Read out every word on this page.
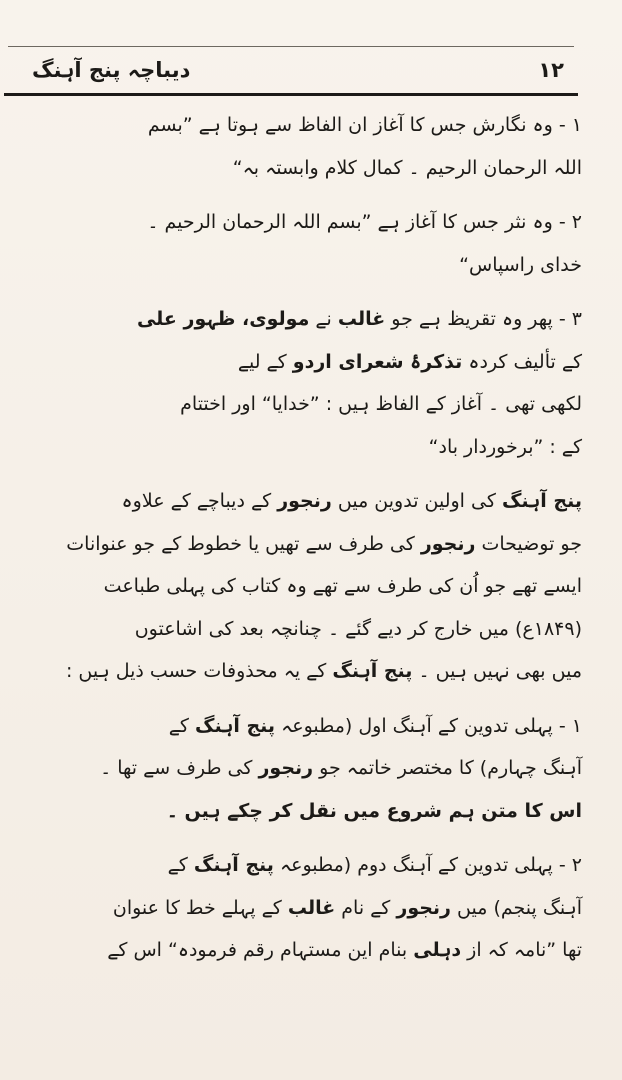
دیباچہ پنج آہنگ	۱۲

۱ - وہ نگارش جس کا آغاز ان الفاظ سے ہوتا ہے ”بسم
اللہ الرحمان الرحیم ۔ کمال کلام وابستہ بہ“

۲ - وہ نثر جس کا آغاز ہے ”بسم اللہ الرحمان الرحیم ۔
خدای راسپاس“

۳ - پھر وہ تقریظ ہے جو غالب نے مولوی، ظہور علی
کے تألیف کردہ تذکرۂ شعرای اردو کے لیے
لکھی تھی ۔ آغاز کے الفاظ ہیں : ”خدایا“ اور اختتام
کے : ”برخوردار باد“

پنج آہنگ کی اولین تدوین میں رنجور کے دیباچے کے علاوہ
جو توضیحات رنجور کی طرف سے تھیں یا خطوط کے جو عنوانات
ایسے تھے جو اُن کی طرف سے تھے وہ کتاب کی پہلی طباعت
(۱۸۴۹ع) میں خارج کر دیے گئے ۔ چنانچہ بعد کی اشاعتوں
میں بھی نہیں ہیں ۔ پنج آہنگ کے یہ محذوفات حسب ذیل ہیں :

۱ - پہلی تدوین کے آہنگ اول (مطبوعہ پنج آہنگ کے
آہنگ چہارم) کا مختصر خاتمہ جو رنجور کی طرف سے تھا ۔
اس کا متن ہم شروع میں نقل کر چکے ہیں ۔

۲ - پہلی تدوین کے آہنگ دوم (مطبوعہ پنج آہنگ کے
آہنگ پنجم) میں رنجور کے نام غالب کے پہلے خط کا عنوان
تھا ”نامہ کہ از دہلی بنام این مستہام رقم فرمودہ“ اس کے
